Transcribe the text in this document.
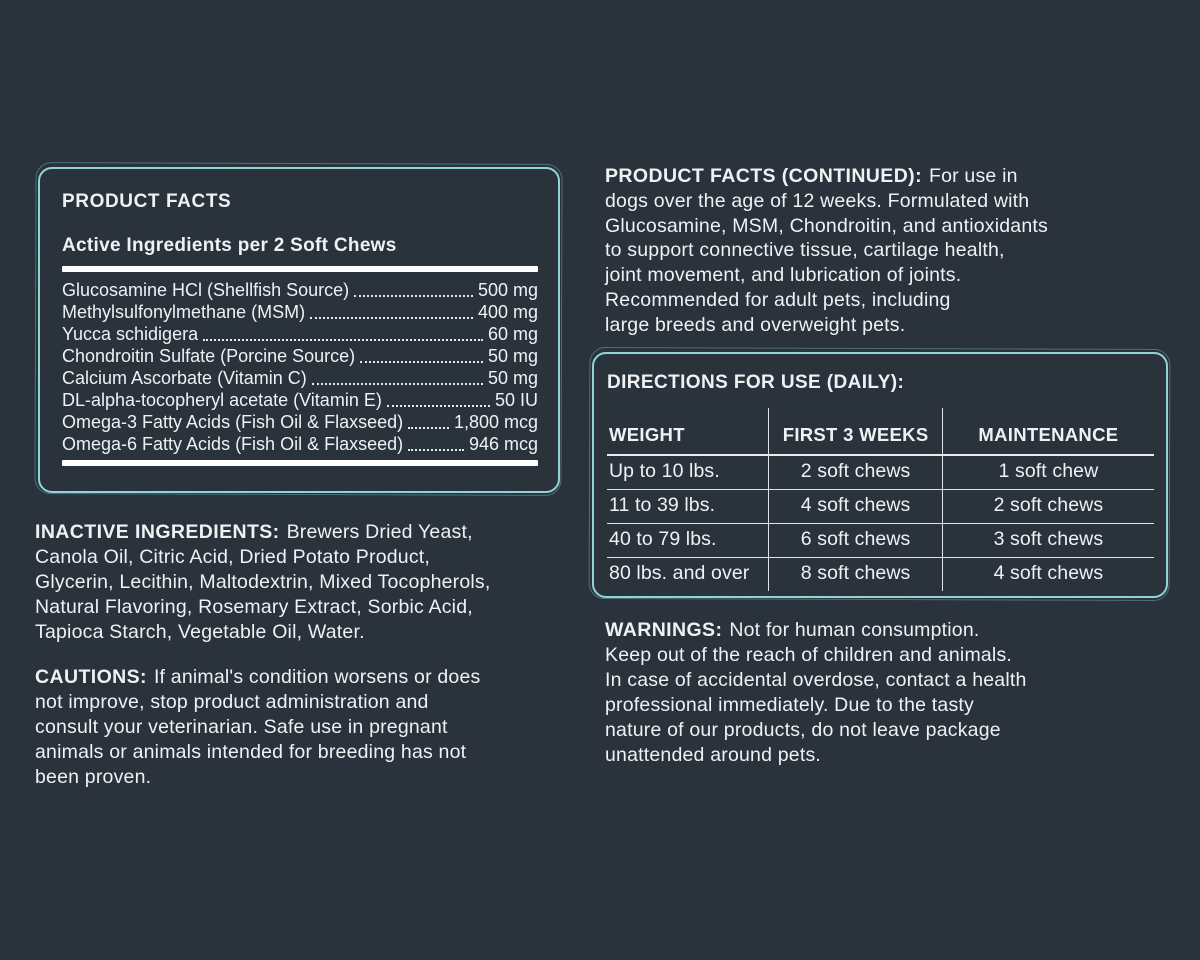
PRODUCT FACTS
Active Ingredients per 2 Soft Chews
Glucosamine HCl (Shellfish Source)	500 mg
Methylsulfonylmethane (MSM)	400 mg
Yucca schidigera	60 mg
Chondroitin Sulfate (Porcine Source)	50 mg
Calcium Ascorbate (Vitamin C)	50 mg
DL-alpha-tocopheryl acetate (Vitamin E)	50 IU
Omega-3 Fatty Acids (Fish Oil & Flaxseed)	1,800 mcg
Omega-6 Fatty Acids (Fish Oil & Flaxseed)	946 mcg

PRODUCT FACTS (CONTINUED): For use in
dogs over the age of 12 weeks. Formulated with
Glucosamine, MSM, Chondroitin, and antioxidants
to support connective tissue, cartilage health,
joint movement, and lubrication of joints.
Recommended for adult pets, including
large breeds and overweight pets.

DIRECTIONS FOR USE (DAILY):
WEIGHT	FIRST 3 WEEKS	MAINTENANCE
Up to 10 lbs.	2 soft chews	1 soft chew
11 to 39 lbs.	4 soft chews	2 soft chews
40 to 79 lbs.	6 soft chews	3 soft chews
80 lbs. and over	8 soft chews	4 soft chews

INACTIVE INGREDIENTS: Brewers Dried Yeast,
Canola Oil, Citric Acid, Dried Potato Product,
Glycerin, Lecithin, Maltodextrin, Mixed Tocopherols,
Natural Flavoring, Rosemary Extract, Sorbic Acid,
Tapioca Starch, Vegetable Oil, Water.

CAUTIONS: If animal's condition worsens or does
not improve, stop product administration and
consult your veterinarian. Safe use in pregnant
animals or animals intended for breeding has not
been proven.

WARNINGS: Not for human consumption.
Keep out of the reach of children and animals.
In case of accidental overdose, contact a health
professional immediately. Due to the tasty
nature of our products, do not leave package
unattended around pets.
